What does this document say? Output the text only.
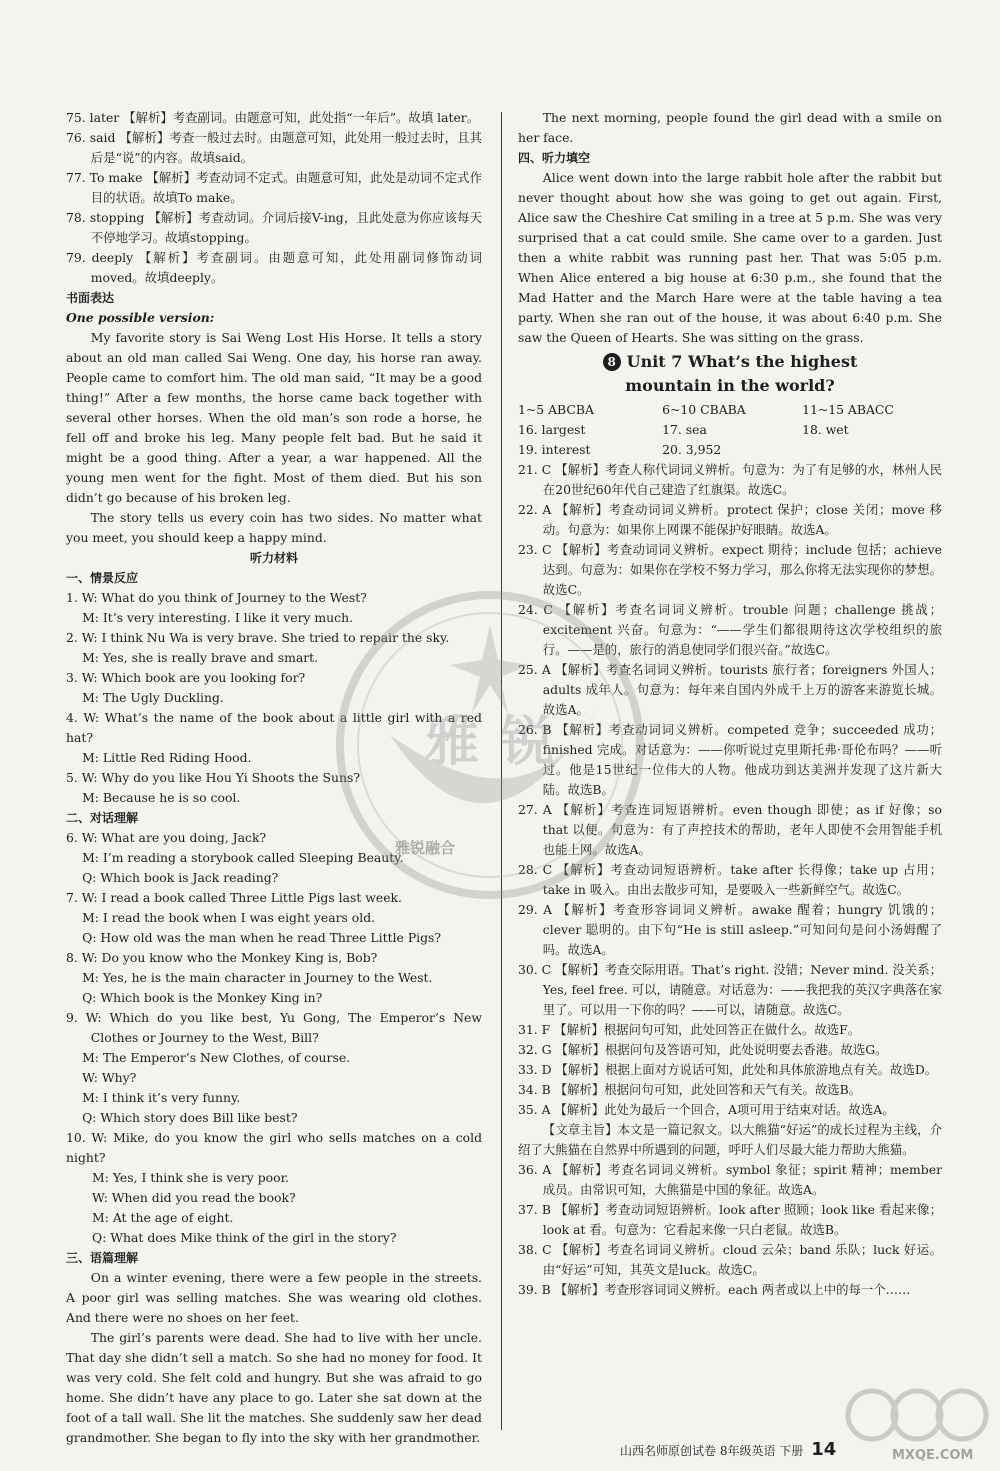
75. later 【解析】考查副词。由题意可知，此处指“一年后”。故填 later。
76. said 【解析】考查一般过去时。由题意可知，此处用一般过去时，且其后是“说”的内容。故填said。
77. To make 【解析】考查动词不定式。由题意可知，此处是动词不定式作目的状语。故填To make。
78. stopping 【解析】考查动词。介词后接V-ing，且此处意为你应该每天不停地学习。故填stopping。
79. deeply 【解析】考查副词。由题意可知，此处用副词修饰动词 moved。故填deeply。
书面表达
One possible version:
My favorite story is Sai Weng Lost His Horse. It tells a story about an old man called Sai Weng. One day, his horse ran away. People came to comfort him. The old man said, “It may be a good thing!” After a few months, the horse came back together with several other horses. When the old man’s son rode a horse, he fell off and broke his leg. Many people felt bad. But he said it might be a good thing. After a year, a war happened. All the young men went for the fight. Most of them died. But his son didn’t go because of his broken leg.
The story tells us every coin has two sides. No matter what you meet, you should keep a happy mind.
听力材料
一、情景反应
1. W: What do you think of Journey to the West?
M: It’s very interesting. I like it very much.
2. W: I think Nu Wa is very brave. She tried to repair the sky.
M: Yes, she is really brave and smart.
3. W: Which book are you looking for?
M: The Ugly Duckling.
4. W: What’s the name of the book about a little girl with a red hat?
M: Little Red Riding Hood.
5. W: Why do you like Hou Yi Shoots the Suns?
M: Because he is so cool.
二、对话理解
6. W: What are you doing, Jack?
M: I’m reading a storybook called Sleeping Beauty.
Q: Which book is Jack reading?
7. W: I read a book called Three Little Pigs last week.
M: I read the book when I was eight years old.
Q: How old was the man when he read Three Little Pigs?
8. W: Do you know who the Monkey King is, Bob?
M: Yes, he is the main character in Journey to the West.
Q: Which book is the Monkey King in?
9. W: Which do you like best, Yu Gong, The Emperor’s New Clothes or Journey to the West, Bill?
M: The Emperor’s New Clothes, of course.
W: Why?
M: I think it’s very funny.
Q: Which story does Bill like best?
10. W: Mike, do you know the girl who sells matches on a cold night?
M: Yes, I think she is very poor.
W: When did you read the book?
M: At the age of eight.
Q: What does Mike think of the girl in the story?
三、语篇理解
On a winter evening, there were a few people in the streets. A poor girl was selling matches. She was wearing old clothes. And there were no shoes on her feet.
The girl’s parents were dead. She had to live with her uncle. That day she didn’t sell a match. So she had no money for food. It was very cold. She felt cold and hungry. But she was afraid to go home. She didn’t have any place to go. Later she sat down at the foot of a tall wall. She lit the matches. She suddenly saw her dead grandmother. She began to fly into the sky with her grandmother.
The next morning, people found the girl dead with a smile on her face.
四、听力填空
Alice went down into the large rabbit hole after the rabbit but never thought about how she was going to get out again. First, Alice saw the Cheshire Cat smiling in a tree at 5 p.m. She was very surprised that a cat could smile. She came over to a garden. Just then a white rabbit was running past her. That was 5:05 p.m. When Alice entered a big house at 6:30 p.m., she found that the Mad Hatter and the March Hare were at the table having a tea party. When she ran out of the house, it was about 6:40 p.m. She saw the Queen of Hearts. She was sitting on the grass.
8 Unit 7 What’s the highest
mountain in the world?
1~5 ABCBA	6~10 CBABA	11~15 ABACC
16. largest	17. sea	18. wet
19. interest	20. 3,952
21. C 【解析】考查人称代词词义辨析。句意为：为了有足够的水，林州人民在20世纪60年代自己建造了红旗渠。故选C。
22. A 【解析】考查动词词义辨析。protect 保护；close 关闭；move 移动。句意为：如果你上网课不能保护好眼睛。故选A。
23. C 【解析】考查动词词义辨析。expect 期待；include 包括；achieve 达到。句意为：如果你在学校不努力学习，那么你将无法实现你的梦想。故选C。
24. C 【解析】考查名词词义辨析。trouble 问题；challenge 挑战；excitement 兴奋。句意为：“——学生们都很期待这次学校组织的旅行。——是的，旅行的消息使同学们很兴奋。”故选C。
25. A 【解析】考查名词词义辨析。tourists 旅行者；foreigners 外国人；adults 成年人。句意为：每年来自国内外成千上万的游客来游览长城。故选A。
26. B 【解析】考查动词词义辨析。competed 竞争；succeeded 成功；finished 完成。对话意为：——你听说过克里斯托弗·哥伦布吗？——听过。他是15世纪一位伟大的人物。他成功到达美洲并发现了这片新大陆。故选B。
27. A 【解析】考查连词短语辨析。even though 即使；as if 好像；so that 以便。句意为：有了声控技术的帮助，老年人即使不会用智能手机也能上网。故选A。
28. C 【解析】考查动词短语辨析。take after 长得像；take up 占用；take in 吸入。由出去散步可知，是要吸入一些新鲜空气。故选C。
29. A 【解析】考查形容词词义辨析。awake 醒着；hungry 饥饿的；clever 聪明的。由下句“He is still asleep.”可知问句是问小汤姆醒了吗。故选A。
30. C 【解析】考查交际用语。That’s right. 没错；Never mind. 没关系；Yes, feel free. 可以，请随意。对话意为：——我把我的英汉字典落在家里了。可以用一下你的吗？——可以，请随意。故选C。
31. F 【解析】根据问句可知，此处回答正在做什么。故选F。
32. G 【解析】根据问句及答语可知，此处说明要去香港。故选G。
33. D 【解析】根据上面对方说话可知，此处和具体旅游地点有关。故选D。
34. B 【解析】根据问句可知，此处回答和天气有关。故选B。
35. A 【解析】此处为最后一个回合，A项可用于结束对话。故选A。
【文章主旨】本文是一篇记叙文。以大熊猫“好运”的成长过程为主线，介绍了大熊猫在自然界中所遇到的问题，呼吁人们尽最大能力帮助大熊猫。
36. A 【解析】考查名词词义辨析。symbol 象征；spirit 精神；member 成员。由常识可知，大熊猫是中国的象征。故选A。
37. B 【解析】考查动词短语辨析。look after 照顾；look like 看起来像；look at 看。句意为：它看起来像一只白老鼠。故选B。
38. C 【解析】考查名词词义辨析。cloud 云朵；band 乐队；luck 好运。由“好运”可知，其英文是luck。故选C。
39. B 【解析】考查形容词词义辨析。each 两者或以上中的每一个……
雅 锐
雅锐融合
MXQE.COM
山西名师原创试卷 8年级英语 下册 14
